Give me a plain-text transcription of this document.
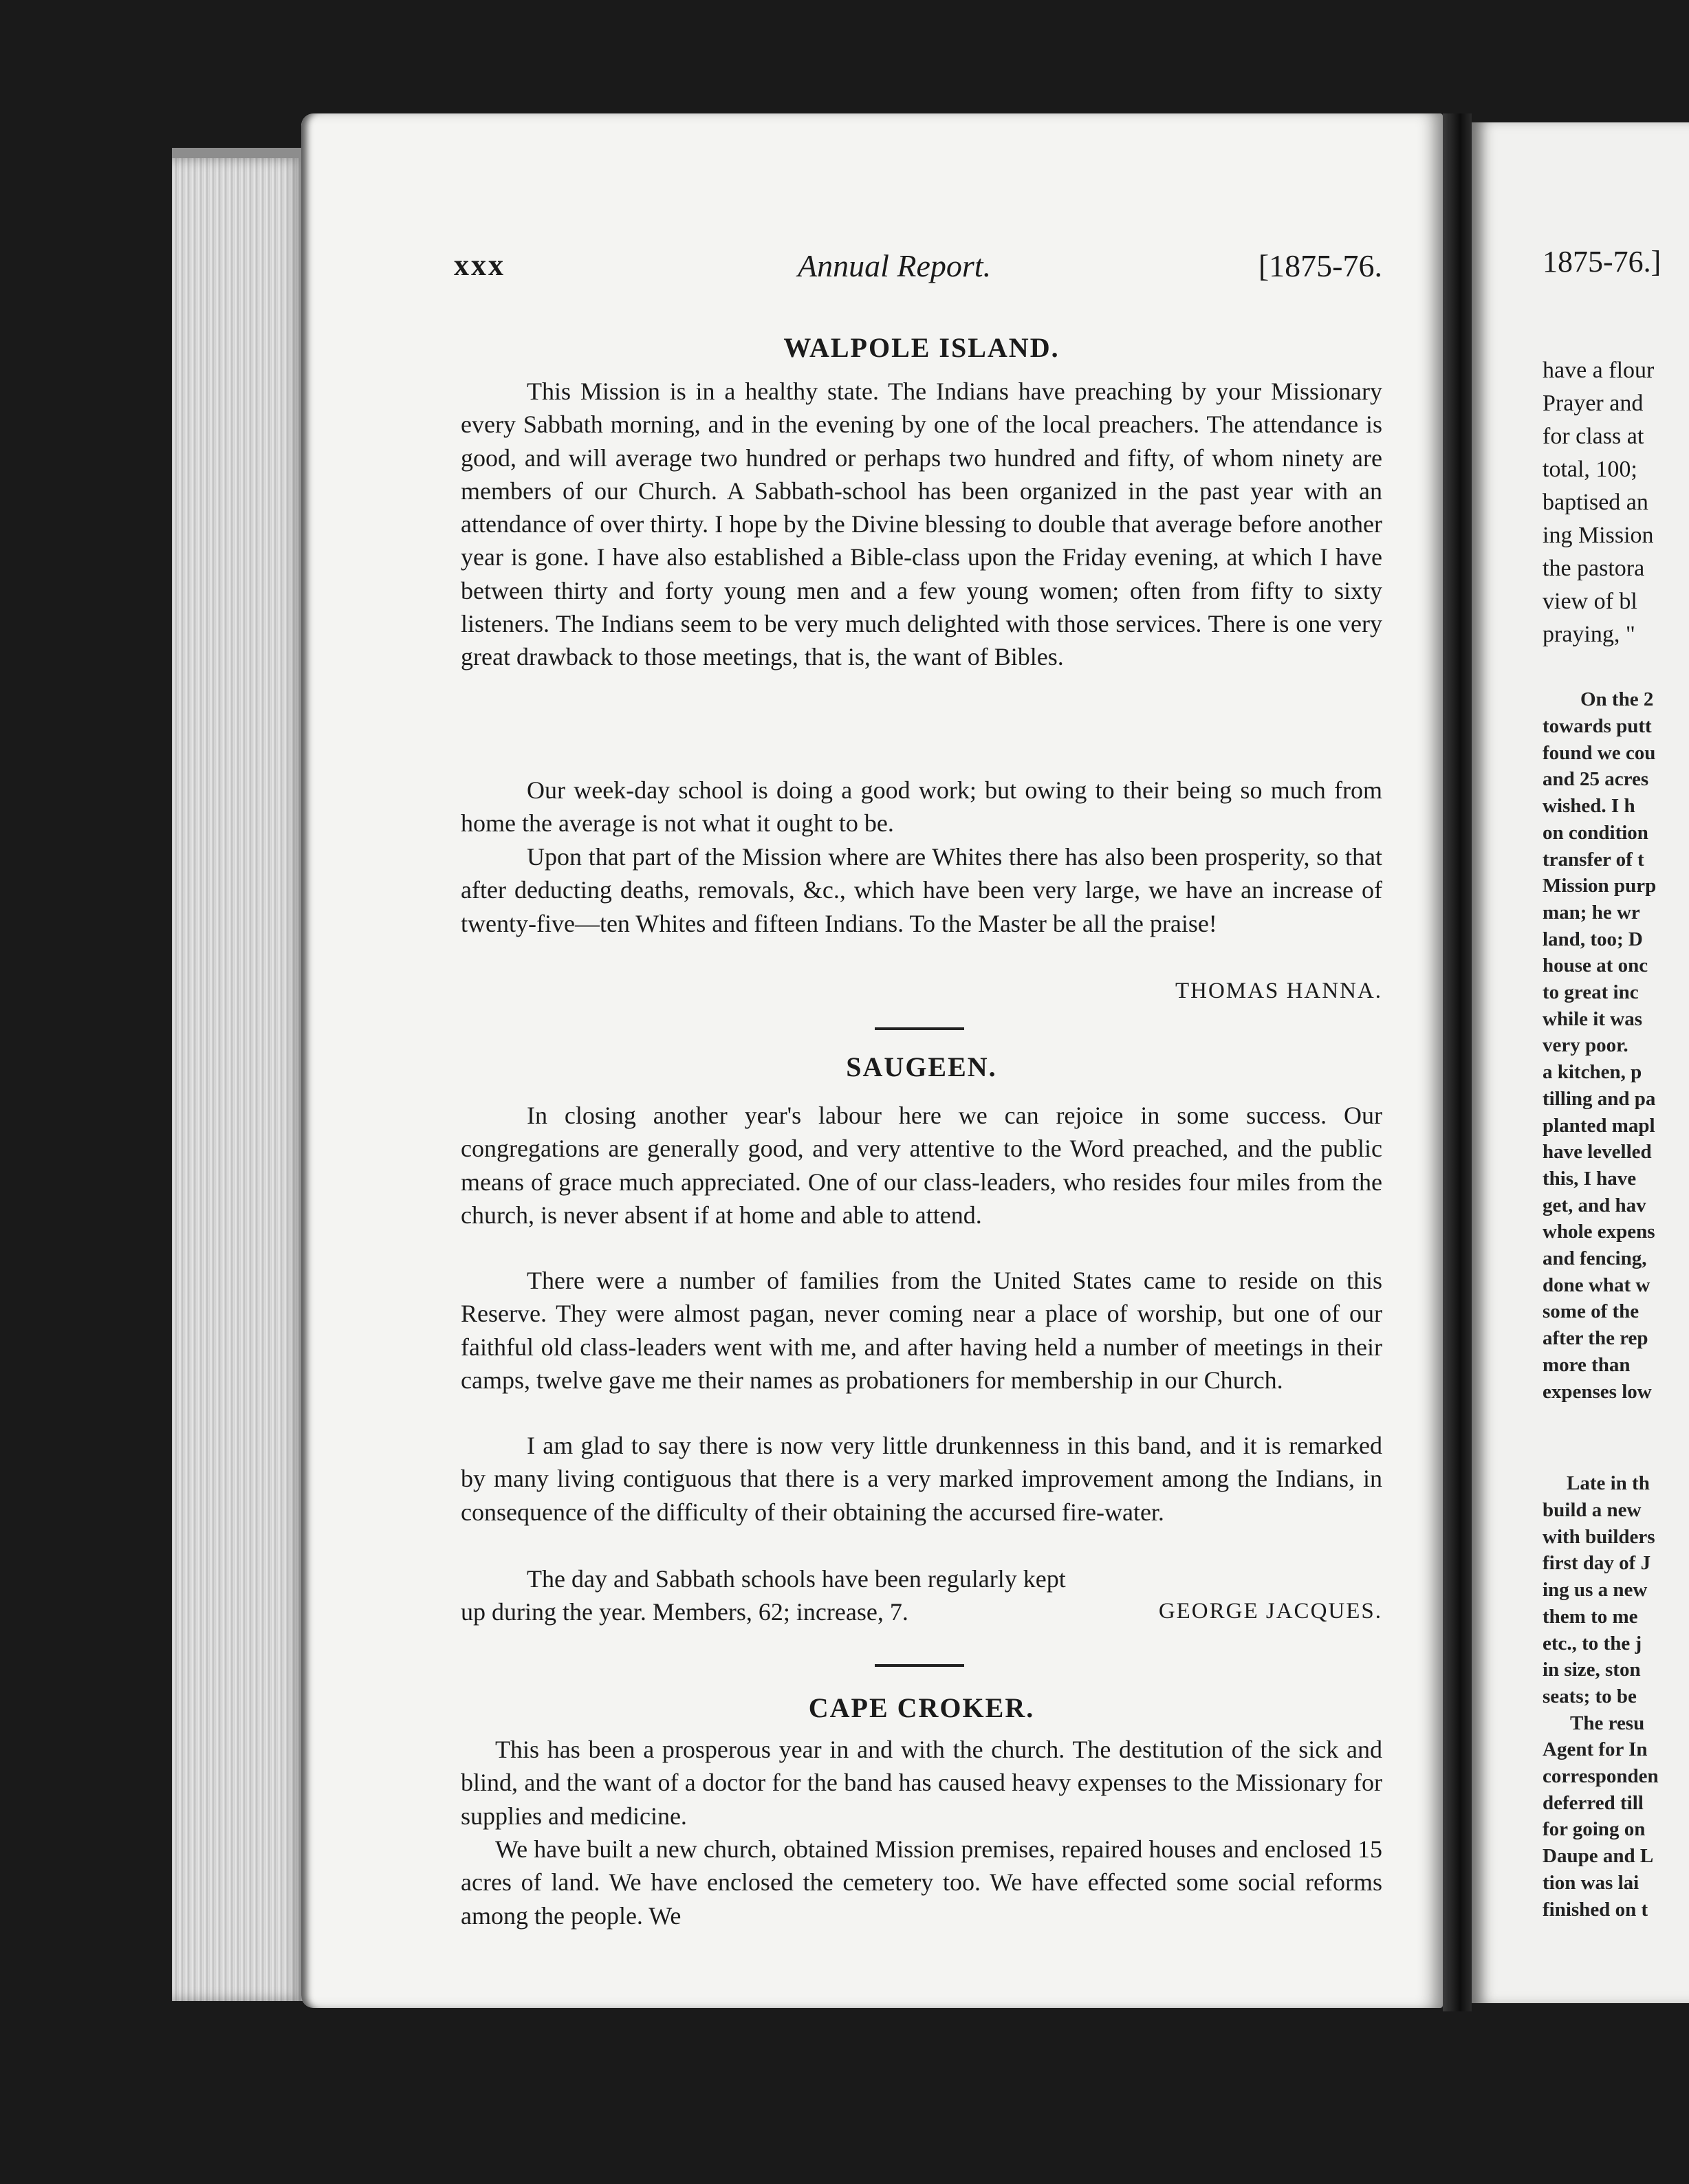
xxx	Annual Report.	[1875-76.
WALPOLE ISLAND.

This Mission is in a healthy state. The Indians have preaching by your Missionary every Sabbath morning, and in the evening by one of the local preachers. The attendance is good, and will average two hundred or perhaps two hundred and fifty, of whom ninety are members of our Church. A Sabbath-school has been organized in the past year with an attendance of over thirty. I hope by the Divine blessing to double that average before another year is gone. I have also established a Bible-class upon the Friday evening, at which I have between thirty and forty young men and a few young women; often from fifty to sixty listeners. The Indians seem to be very much delighted with those services. There is one very great drawback to those meetings, that is, the want of Bibles.

Our week-day school is doing a good work; but owing to their being so much from home the average is not what it ought to be.

Upon that part of the Mission where are Whites there has also been prosperity, so that after deducting deaths, removals, &c., which have been very large, we have an increase of twenty-five—ten Whites and fifteen Indians. To the Master be all the praise!

THOMAS HANNA.
SAUGEEN.

In closing another year's labour here we can rejoice in some success. Our congregations are generally good, and very attentive to the Word preached, and the public means of grace much appreciated. One of our class-leaders, who resides four miles from the church, is never absent if at home and able to attend.

There were a number of families from the United States came to reside on this Reserve. They were almost pagan, never coming near a place of worship, but one of our faithful old class-leaders went with me, and after having held a number of meetings in their camps, twelve gave me their names as probationers for membership in our Church.

I am glad to say there is now very little drunkenness in this band, and it is remarked by many living contiguous that there is a very marked improvement among the Indians, in consequence of the difficulty of their obtaining the accursed fire-water.

The day and Sabbath schools have been regularly kept up during the year. Members, 62; increase, 7.	GEORGE JACQUES.
CAPE CROKER.

This has been a prosperous year in and with the church. The destitution of the sick and blind, and the want of a doctor for the band has caused heavy expenses to the Missionary for supplies and medicine.

We have built a new church, obtained Mission premises, repaired houses and enclosed 15 acres of land. We have enclosed the cemetery too. We have effected some social reforms among the people. We

1875-76.]
have a flour
Prayer and
for class at
total, 100;
baptised an
ing Mission
the pastora
view of bl
praying, "
On the 2
towards putt
found we cou
and 25 acres
wished. I h
on condition
transfer of t
Mission purp
man; he wr
land, too; D
house at onc
to great inc
while it was
very poor.
a kitchen, p
tilling and pa
planted mapl
have levelled
this, I have
get, and hav
whole expens
and fencing,
done what w
some of the
after the rep
more than
expenses low
Late in th
build a new
with builders
first day of J
ing us a new
them to me
etc., to the j
in size, ston
seats; to be
The resu
Agent for In
corresponden
deferred till
for going on
Daupe and L
tion was lai
finished on t
